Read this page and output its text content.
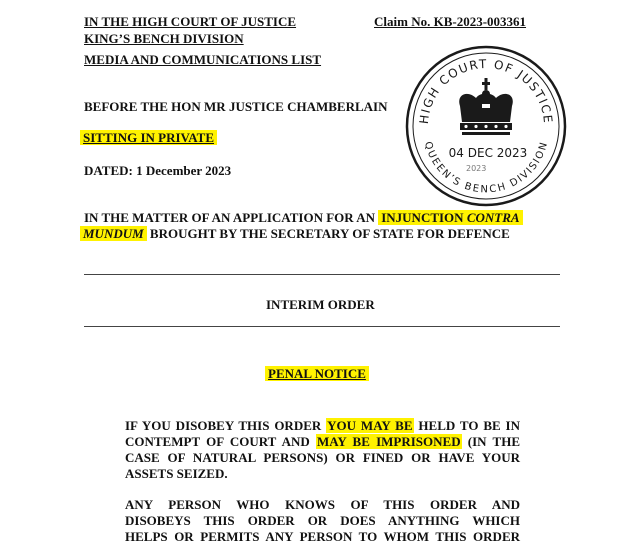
IN THE HIGH COURT OF JUSTICE	Claim No. KB-2023-003361
KING’S BENCH DIVISION
MEDIA AND COMMUNICATIONS LIST
BEFORE THE HON MR JUSTICE CHAMBERLAIN
SITTING IN PRIVATE
DATED: 1 December 2023
IN THE MATTER OF AN APPLICATION FOR AN INJUNCTION CONTRA
MUNDUM BROUGHT BY THE SECRETARY OF STATE FOR DEFENCE
INTERIM ORDER
PENAL NOTICE
IF YOU DISOBEY THIS ORDER YOU MAY BE HELD TO BE IN
CONTEMPT OF COURT AND MAY BE IMPRISONED (IN THE
CASE OF NATURAL PERSONS) OR FINED OR HAVE YOUR
ASSETS SEIZED.
ANY PERSON WHO KNOWS OF THIS ORDER AND
DISOBEYS THIS ORDER OR DOES ANYTHING WHICH
HELPS OR PERMITS ANY PERSON TO WHOM THIS ORDER
HIGH COURT OF JUSTICE
QUEEN’S BENCH DIVISION
04 DEC 2023
2023
